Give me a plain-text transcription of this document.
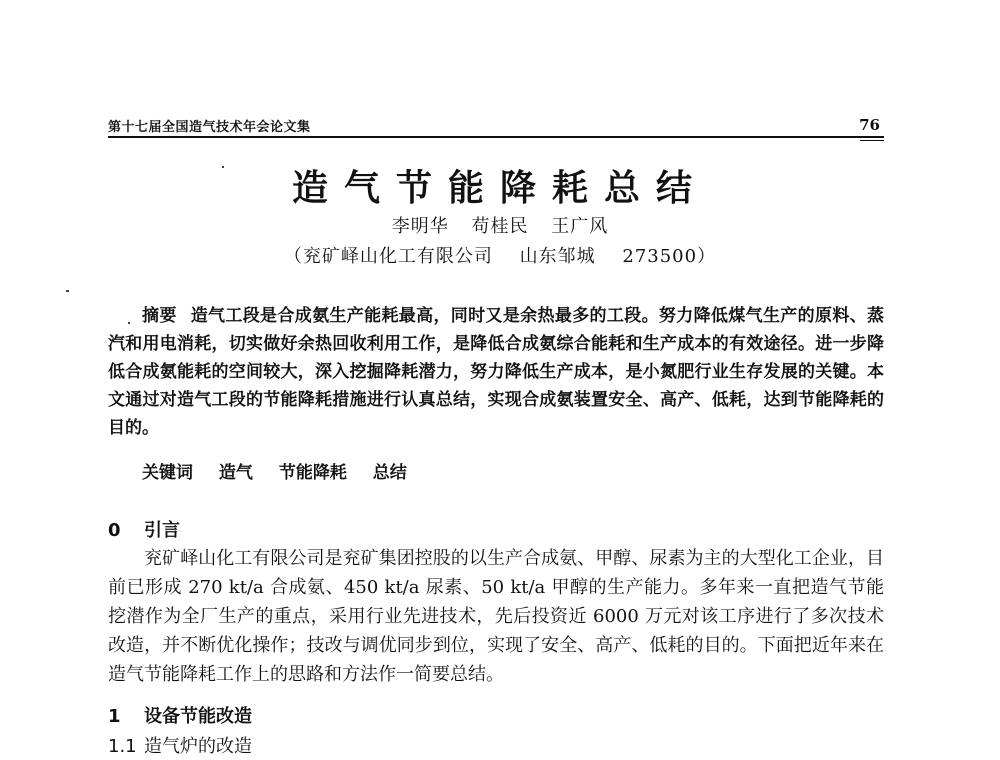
第十七届全国造气技术年会论文集	76
造气节能降耗总结
李明华 苟桂民 王广风
（兖矿峄山化工有限公司 山东邹城 273500）
摘要 造气工段是合成氨生产能耗最高，同时又是余热最多的工段。努力降低煤气生产的原料、蒸汽和用电消耗，切实做好余热回收利用工作，是降低合成氨综合能耗和生产成本的有效途径。进一步降低合成氨能耗的空间较大，深入挖掘降耗潜力，努力降低生产成本，是小氮肥行业生存发展的关键。本文通过对造气工段的节能降耗措施进行认真总结，实现合成氨装置安全、高产、低耗，达到节能降耗的目的。
关键词 造气 节能降耗 总结
0 引言
兖矿峄山化工有限公司是兖矿集团控股的以生产合成氨、甲醇、尿素为主的大型化工企业，目前已形成 270 kt/a 合成氨、450 kt/a 尿素、50 kt/a 甲醇的生产能力。多年来一直把造气节能挖潜作为全厂生产的重点，采用行业先进技术，先后投资近 6000 万元对该工序进行了多次技术改造，并不断优化操作；技改与调优同步到位，实现了安全、高产、低耗的目的。下面把近年来在造气节能降耗工作上的思路和方法作一简要总结。
1 设备节能改造
1.1 造气炉的改造
